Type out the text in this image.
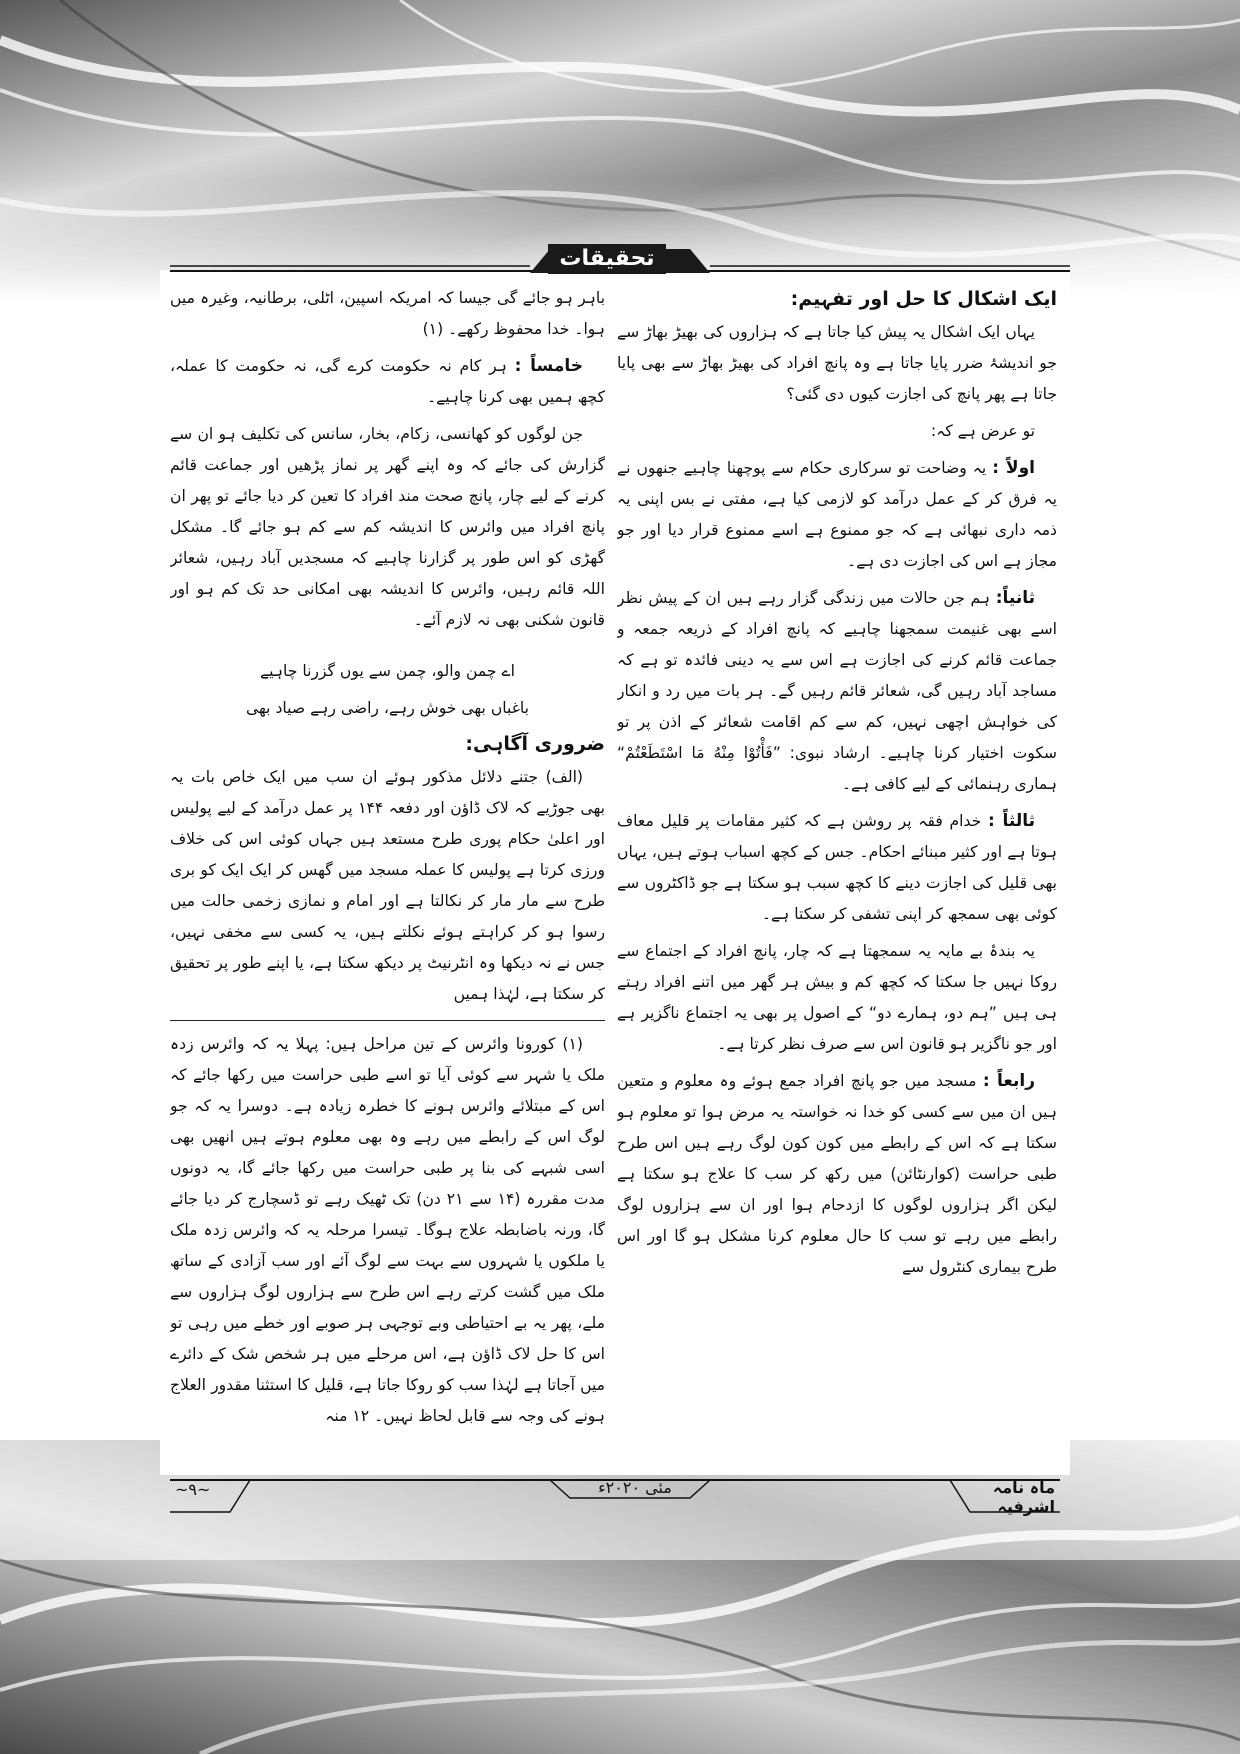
تحقیقات
ایک اشکال کا حل اور تفہیم:

یہاں ایک اشکال یہ پیش کیا جاتا ہے کہ ہزاروں کی بھیڑ بھاڑ سے جو اندیشۂ ضرر پایا جاتا ہے وہ پانچ افراد کی بھیڑ بھاڑ سے بھی پایا جاتا ہے پھر پانچ کی اجازت کیوں دی گئی؟

تو عرض ہے کہ:

اولاً : یہ وضاحت تو سرکاری حکام سے پوچھنا چاہیے جنھوں نے یہ فرق کر کے عمل درآمد کو لازمی کیا ہے، مفتی نے بس اپنی یہ ذمہ داری نبھائی ہے کہ جو ممنوع ہے اسے ممنوع قرار دیا اور جو مجاز ہے اس کی اجازت دی ہے۔

ثانیاً: ہم جن حالات میں زندگی گزار رہے ہیں ان کے پیش نظر اسے بھی غنیمت سمجھنا چاہیے کہ پانچ افراد کے ذریعہ جمعہ و جماعت قائم کرنے کی اجازت ہے اس سے یہ دینی فائدہ تو ہے کہ مساجد آباد رہیں گی، شعائر قائم رہیں گے۔ ہر بات میں رد و انکار کی خواہش اچھی نہیں، کم سے کم اقامت شعائر کے اذن پر تو سکوت اختیار کرنا چاہیے۔ ارشاد نبوی: ”فَأْتُوْا مِنْهُ مَا اسْتَطَعْتُمْ“ ہماری رہنمائی کے لیے کافی ہے۔

ثالثاً : خدام فقہ پر روشن ہے کہ کثیر مقامات پر قلیل معاف ہوتا ہے اور کثیر مبنائے احکام۔ جس کے کچھ اسباب ہوتے ہیں، یہاں بھی قلیل کی اجازت دینے کا کچھ سبب ہو سکتا ہے جو ڈاکٹروں سے کوئی بھی سمجھ کر اپنی تشفی کر سکتا ہے۔

یہ بندۂ بے مایہ یہ سمجھتا ہے کہ چار، پانچ افراد کے اجتماع سے روکا نہیں جا سکتا کہ کچھ کم و بیش ہر گھر میں اتنے افراد رہتے ہی ہیں ”ہم دو، ہمارے دو“ کے اصول پر بھی یہ اجتماع ناگزیر ہے اور جو ناگزیر ہو قانون اس سے صرف نظر کرتا ہے۔

رابعاً : مسجد میں جو پانچ افراد جمع ہوئے وہ معلوم و متعین ہیں ان میں سے کسی کو خدا نہ خواستہ یہ مرض ہوا تو معلوم ہو سکتا ہے کہ اس کے رابطے میں کون کون لوگ رہے ہیں اس طرح طبی حراست (کوارنٹائن) میں رکھ کر سب کا علاج ہو سکتا ہے لیکن اگر ہزاروں لوگوں کا ازدحام ہوا اور ان سے ہزاروں لوگ رابطے میں رہے تو سب کا حال معلوم کرنا مشکل ہو گا اور اس طرح بیماری کنٹرول سے

باہر ہو جائے گی جیسا کہ امریکہ اسپین، اٹلی، برطانیہ، وغیرہ میں ہوا۔ خدا محفوظ رکھے۔ (۱)

خامساً : ہر کام نہ حکومت کرے گی، نہ حکومت کا عملہ، کچھ ہمیں بھی کرنا چاہیے۔

جن لوگوں کو کھانسی، زکام، بخار، سانس کی تکلیف ہو ان سے گزارش کی جائے کہ وہ اپنے گھر پر نماز پڑھیں اور جماعت قائم کرنے کے لیے چار، پانچ صحت مند افراد کا تعین کر دیا جائے تو پھر ان پانچ افراد میں وائرس کا اندیشہ کم سے کم ہو جائے گا۔ مشکل گھڑی کو اس طور پر گزارنا چاہیے کہ مسجدیں آباد رہیں، شعائر اللہ قائم رہیں، وائرس کا اندیشہ بھی امکانی حد تک کم ہو اور قانون شکنی بھی نہ لازم آئے۔

اے چمن والو، چمن سے یوں گزرنا چاہیے

باغباں بھی خوش رہے، راضی رہے صیاد بھی

ضروری آگاہی:

(الف) جتنے دلائل مذکور ہوئے ان سب میں ایک خاص بات یہ بھی جوڑیے کہ لاک ڈاؤن اور دفعہ ۱۴۴ پر عمل درآمد کے لیے پولیس اور اعلیٰ حکام پوری طرح مستعد ہیں جہاں کوئی اس کی خلاف ورزی کرتا ہے پولیس کا عملہ مسجد میں گھس کر ایک ایک کو بری طرح سے مار مار کر نکالتا ہے اور امام و نمازی زخمی حالت میں رسوا ہو کر کراہتے ہوئے نکلتے ہیں، یہ کسی سے مخفی نہیں، جس نے نہ دیکھا وہ انٹرنیٹ پر دیکھ سکتا ہے، یا اپنے طور پر تحقیق کر سکتا ہے، لہٰذا ہمیں

(۱) کورونا وائرس کے تین مراحل ہیں: پہلا یہ کہ وائرس زدہ ملک یا شہر سے کوئی آیا تو اسے طبی حراست میں رکھا جائے کہ اس کے مبتلائے وائرس ہونے کا خطرہ زیادہ ہے۔ دوسرا یہ کہ جو لوگ اس کے رابطے میں رہے وہ بھی معلوم ہوتے ہیں انھیں بھی اسی شبہے کی بنا پر طبی حراست میں رکھا جائے گا، یہ دونوں مدت مقررہ (۱۴ سے ۲۱ دن) تک ٹھیک رہے تو ڈسچارج کر دیا جائے گا، ورنہ باضابطہ علاج ہوگا۔ تیسرا مرحلہ یہ کہ وائرس زدہ ملک یا ملکوں یا شہروں سے بہت سے لوگ آئے اور سب آزادی کے ساتھ ملک میں گشت کرتے رہے اس طرح سے ہزاروں لوگ ہزاروں سے ملے، پھر یہ بے احتیاطی وبے توجہی ہر صوبے اور خطے میں رہی تو اس کا حل لاک ڈاؤن ہے، اس مرحلے میں ہر شخص شک کے دائرے میں آجاتا ہے لہٰذا سب کو روکا جاتا ہے، قلیل کا استثنا مقدور العلاج ہونے کی وجہ سے قابل لحاظ نہیں۔ ۱۲ منہ

ماہ نامہ اشرفیہ
مئی ۲۰۲۰ء
~۹~
